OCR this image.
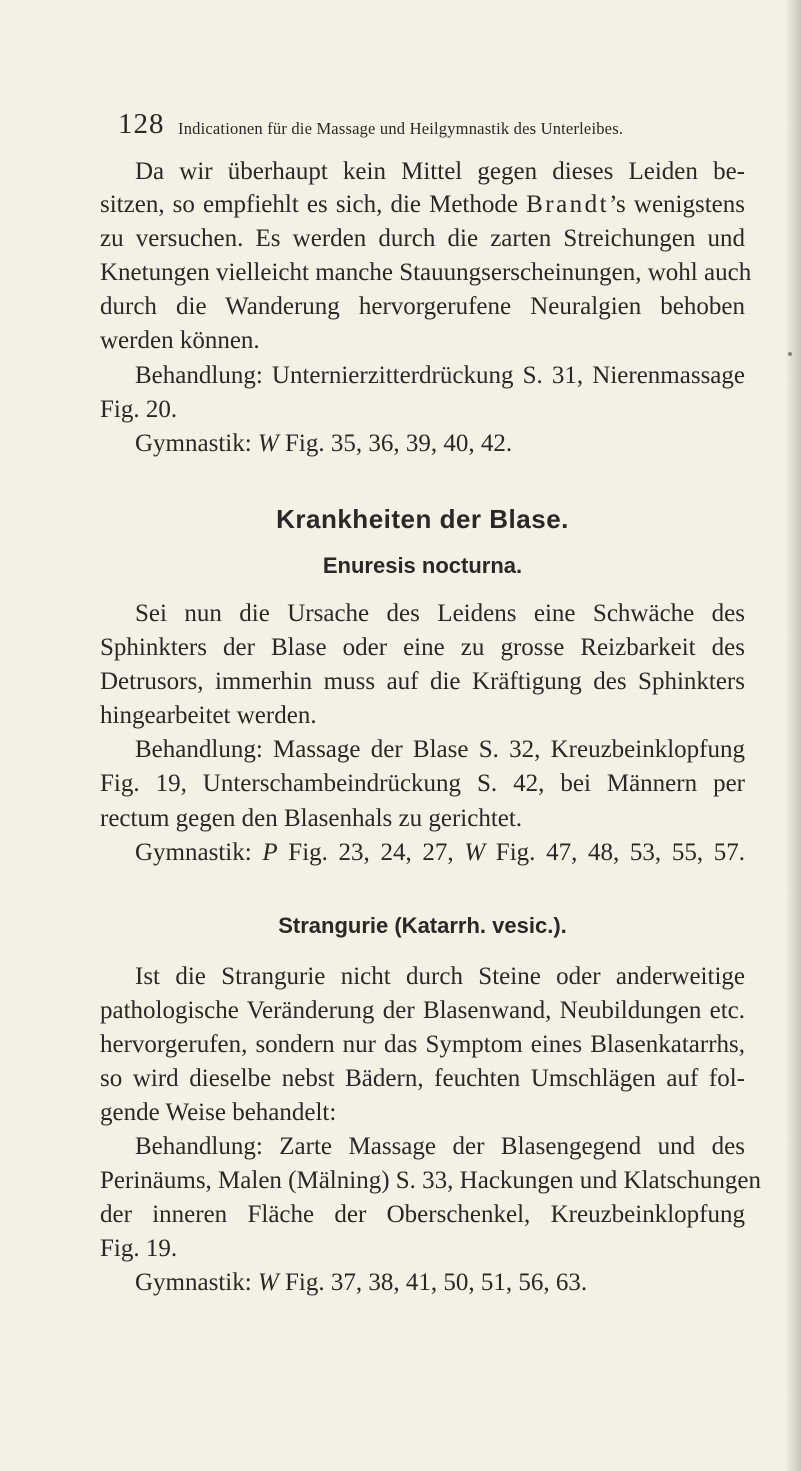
128 Indicationen für die Massage und Heilgymnastik des Unterleibes.
Da wir überhaupt kein Mittel gegen dieses Leiden be-
sitzen, so empfiehlt es sich, die Methode Brandt’s wenigstens
zu versuchen. Es werden durch die zarten Streichungen und
Knetungen vielleicht manche Stauungserscheinungen, wohl auch
durch die Wanderung hervorgerufene Neuralgien behoben
werden können.
Behandlung: Unternierzitterdrückung S. 31, Nierenmassage
Fig. 20.
Gymnastik: W Fig. 35, 36, 39, 40, 42.
Krankheiten der Blase.
Enuresis nocturna.
Sei nun die Ursache des Leidens eine Schwäche des
Sphinkters der Blase oder eine zu grosse Reizbarkeit des
Detrusors, immerhin muss auf die Kräftigung des Sphinkters
hingearbeitet werden.
Behandlung: Massage der Blase S. 32, Kreuzbeinklopfung
Fig. 19, Unterschambeindrückung S. 42, bei Männern per
rectum gegen den Blasenhals zu gerichtet.
Gymnastik: P Fig. 23, 24, 27, W Fig. 47, 48, 53, 55, 57.
Strangurie (Katarrh. vesic.).
Ist die Strangurie nicht durch Steine oder anderweitige
pathologische Veränderung der Blasenwand, Neubildungen etc.
hervorgerufen, sondern nur das Symptom eines Blasenkatarrhs,
so wird dieselbe nebst Bädern, feuchten Umschlägen auf fol-
gende Weise behandelt:
Behandlung: Zarte Massage der Blasengegend und des
Perinäums, Malen (Mälning) S. 33, Hackungen und Klatschungen
der inneren Fläche der Oberschenkel, Kreuzbeinklopfung
Fig. 19.
Gymnastik: W Fig. 37, 38, 41, 50, 51, 56, 63.
